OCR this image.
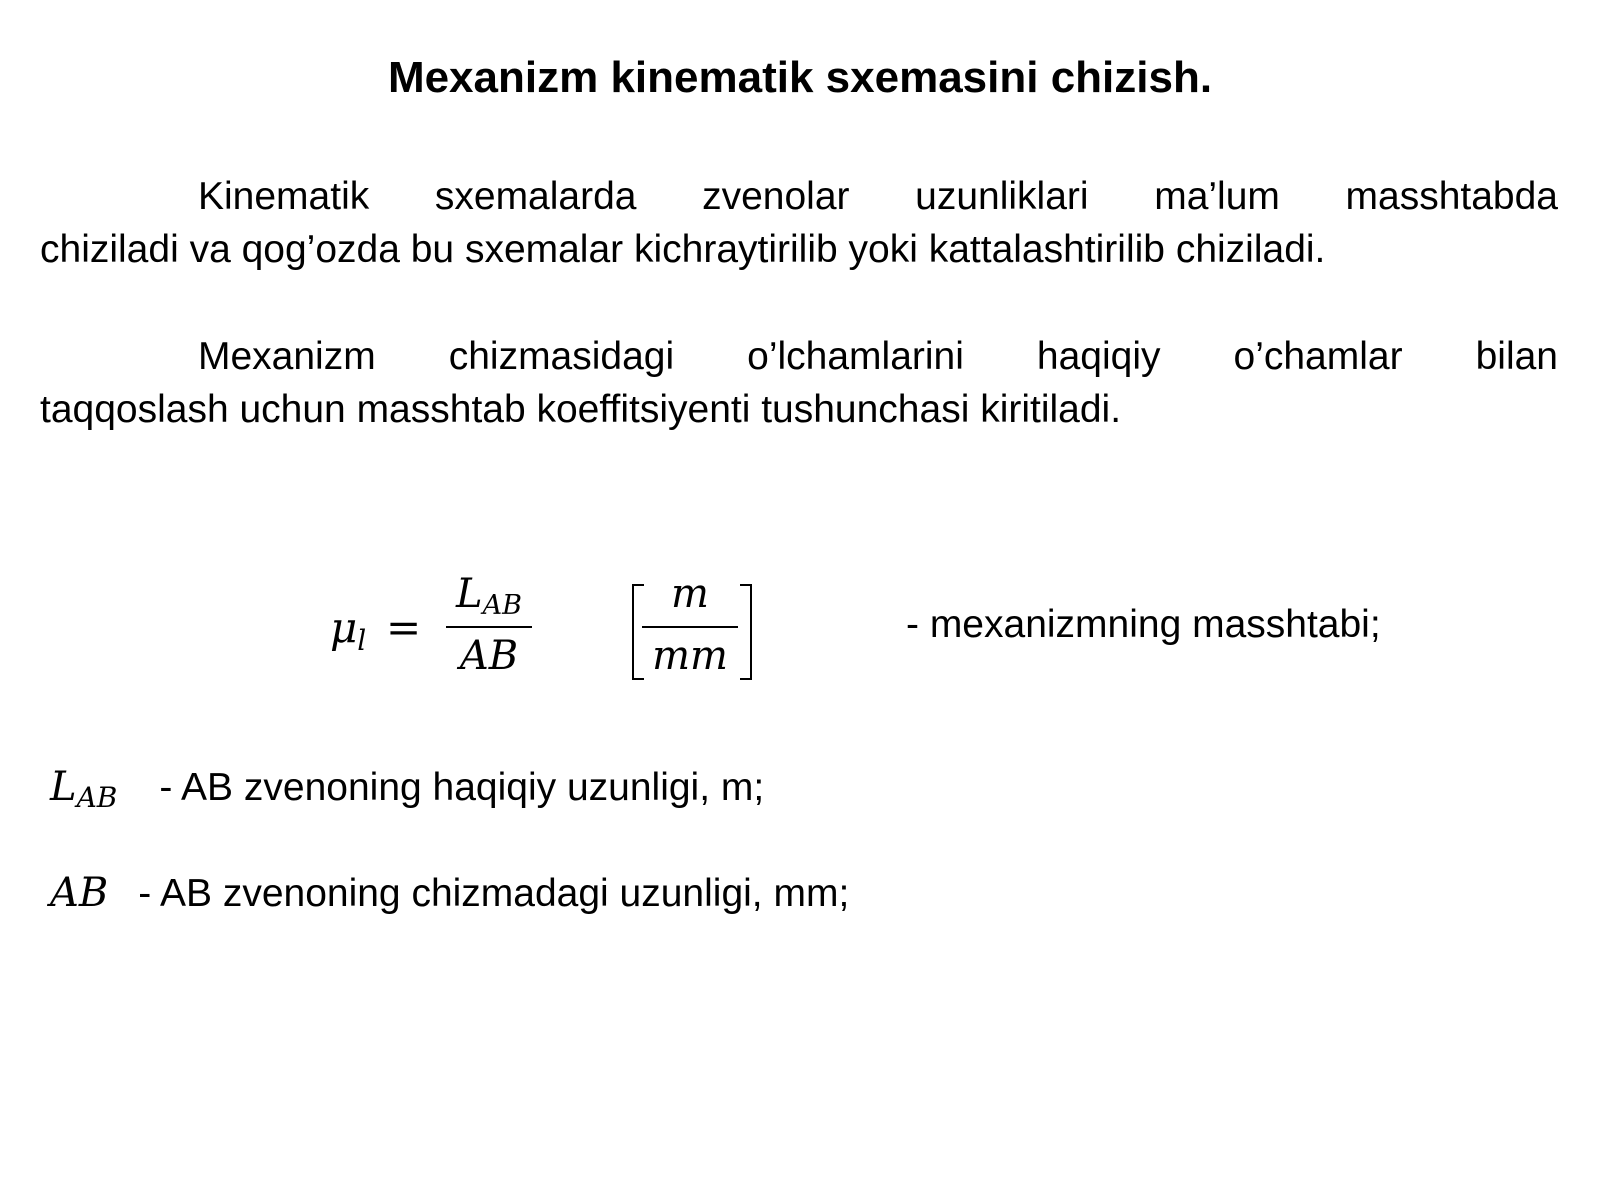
Mexanizm kinematik sxemasini chizish.

Kinematik sxemalarda zvenolar uzunliklari ma’lum masshtabda
chiziladi va qog’ozda bu sxemalar kichraytirilib yoki kattalashtirilib chiziladi.

Mexanizm chizmasidagi o’lchamlarini haqiqiy o’chamlar bilan
taqqoslash uchun masshtab koeffitsiyenti tushunchasi kiritiladi.

μl =
LAB
AB
m
mm
- mexanizmning masshtabi;
LAB - AB zvenoning haqiqiy uzunligi, m;
AB - AB zvenoning chizmadagi uzunligi, mm;
